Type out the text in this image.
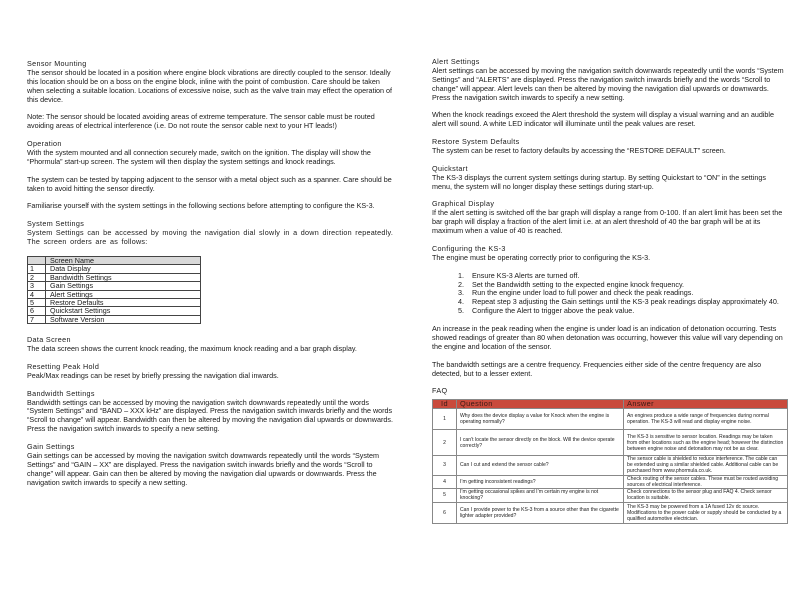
Sensor Mounting
The sensor should be located in a position where engine block vibrations are directly coupled to the sensor. Ideally this location should be on a boss on the engine block, inline with the point of combustion. Care should be taken when selecting a suitable location. Locations of excessive noise, such as the valve train may effect the operation of this device.
Note: The sensor should be located avoiding areas of extreme temperature. The sensor cable must be routed avoiding areas of electrical interference (i.e. Do not route the sensor cable next to your HT leads!)
Operation
With the system mounted and all connection securely made, switch on the ignition. The display will show the “Phormula” start-up screen. The system will then display the system settings and knock readings.
The system can be tested by tapping adjacent to the sensor with a metal object such as a spanner. Care should be taken to avoid hitting the sensor directly.
Familiarise yourself with the system settings in the following sections before attempting to configure the KS-3.
System Settings
System Settings can be accessed by moving the navigation dial slowly in a down direction repeatedly. The screen orders are as follows:
	Screen Name
1	Data Display
2	Bandwidth Settings
3	Gain Settings
4	Alert Settings
5	Restore Defaults
6	Quickstart Settings
7	Software Version
Data Screen
The data screen shows the current knock reading, the maximum knock reading and a bar graph display.
Resetting Peak Hold
Peak/Max readings can be reset by briefly pressing the navigation dial inwards.
Bandwidth Settings
Bandwidth settings can be accessed by moving the navigation switch downwards repeatedly until the words “System Settings” and “BAND – XXX kHz” are displayed. Press the navigation switch inwards briefly and the words “Scroll to change” will appear. Bandwidth can then be altered by moving the navigation dial upwards or downwards. Press the navigation switch inwards to specify a new setting.
Gain Settings
Gain settings can be accessed by moving the navigation switch downwards repeatedly until the words “System Settings” and “GAIN – XX” are displayed. Press the navigation switch inwards briefly and the words “Scroll to change” will appear. Gain can then be altered by moving the navigation dial upwards or downwards. Press the navigation switch inwards to specify a new setting.
Alert Settings
Alert settings can be accessed by moving the navigation switch downwards repeatedly until the words “System Settings” and “ALERTS” are displayed. Press the navigation switch inwards briefly and the words “Scroll to change” will appear. Alert levels can then be altered by moving the navigation dial upwards or downwards. Press the navigation switch inwards to specify a new setting.
When the knock readings exceed the Alert threshold the system will display a visual warning and an audible alert will sound. A white LED indicator will illuminate until the peak values are reset.
Restore System Defaults
The system can be reset to factory defaults by accessing the “RESTORE DEFAULT” screen.
Quickstart
The KS-3 displays the current system settings during startup. By setting Quickstart to “ON” in the settings menu, the system will no longer display these settings during start-up.
Graphical Display
If the alert setting is switched off the bar graph will display a range from 0-100. If an alert limit has been set the bar graph will display a fraction of the alert limit i.e. at an alert threshold of 40 the bar graph will be at its maximum when a value of 40 is reached.
Configuring the KS-3
The engine must be operating correctly prior to configuring the KS-3.
1. Ensure KS-3 Alerts are turned off.
2. Set the Bandwidth setting to the expected engine knock frequency.
3. Run the engine under load to full power and check the peak readings.
4. Repeat step 3 adjusting the Gain settings until the KS-3 peak readings display approximately 40.
5. Configure the Alert to trigger above the peak value.
An increase in the peak reading when the engine is under load is an indication of detonation occurring. Tests showed readings of greater than 80 when detonation was occurring, however this value will vary depending on the engine and location of the sensor.
The bandwidth settings are a centre frequency. Frequencies either side of the centre frequency are also detected, but to a lesser extent.
FAQ
Id	Question	Answer
1	Why does the device display a value for Knock when the engine is operating normally?	An engines produce a wide range of frequencies during normal operation. The KS-3 will read and display engine noise.
2	I can’t locate the sensor directly on the block. Will the device operate correctly?	The KS-3 is sensitive to sensor location. Readings may be taken from other locations such as the engine head; however the distinction between engine noise and detonation may not be as clear.
3	Can I cut and extend the sensor cable?	The sensor cable is shielded to reduce interference. The cable can be extended using a similar shielded cable. Additional cable can be purchased from www.phormula.co.uk.
4	I’m getting inconsistent readings?	Check routing of the sensor cables. These must be routed avoiding sources of electrical interference.
5	I’m getting occasional spikes and I’m certain my engine is not knocking?	Check connections to the sensor plug and FAQ 4. Check sensor location is suitable.
6	Can I provide power to the KS-3 from a source other than the cigarette lighter adapter provided?	The KS-3 may be powered from a 1A fused 12v dc source. Modifications to the power cable or supply should be conducted by a qualified automotive electrician.
